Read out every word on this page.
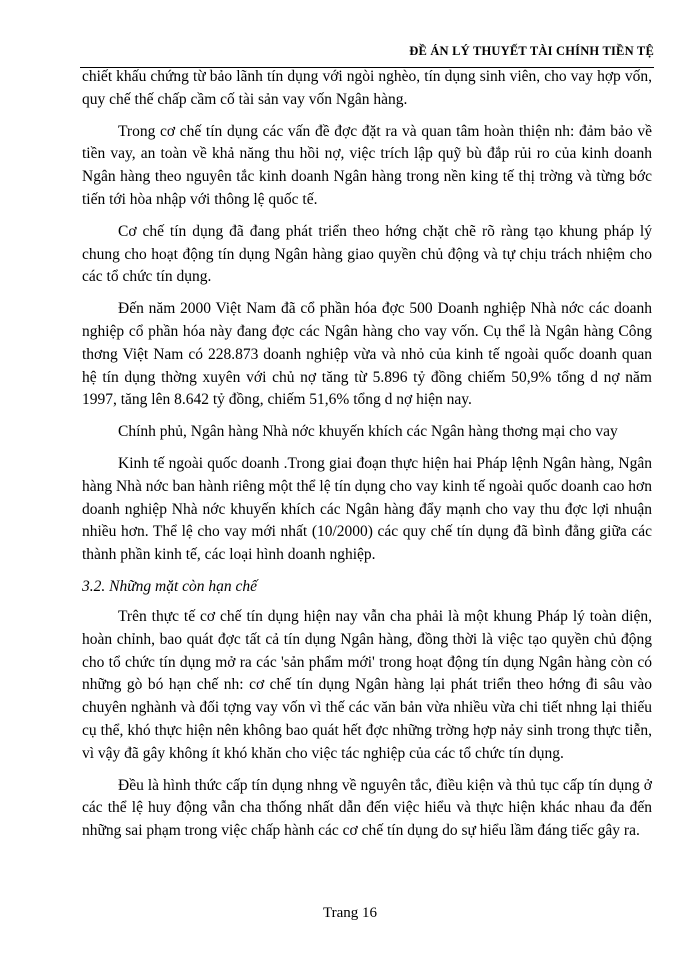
ĐỀ ÁN LÝ THUYẾT TÀI CHÍNH TIỀN TỆ

chiết khấu chứng từ bảo lãnh tín dụng với ngòi nghèo, tín dụng sinh viên, cho vay hợp vốn, quy chế thế chấp cầm cố tài sản vay vốn Ngân hàng.

Trong cơ chế tín dụng các vấn đề đợc đặt ra và quan tâm hoàn thiện nh: đảm bảo về tiền vay, an toàn về khả năng thu hồi nợ, việc trích lập quỹ bù đắp rủi ro của kinh doanh Ngân hàng theo nguyên tắc kinh doanh Ngân hàng trong nền king tế thị trờng và từng bớc tiến tới hòa nhập với thông lệ quốc tế.

Cơ chế tín dụng đã đang phát triển theo hớng chặt chẽ rõ ràng tạo khung pháp lý chung cho hoạt động tín dụng Ngân hàng giao quyền chủ động và tự chịu trách nhiệm cho các tổ chức tín dụng.

Đến năm 2000 Việt Nam đã cổ phần hóa đợc 500 Doanh nghiệp Nhà nớc các doanh nghiệp cổ phần hóa này đang đợc các Ngân hàng cho vay vốn. Cụ thể là Ngân hàng Công thơng Việt Nam có 228.873 doanh nghiệp vừa và nhỏ của kinh tế ngoài quốc doanh quan hệ tín dụng thờng xuyên với chủ nợ tăng từ 5.896 tỷ đồng chiếm 50,9% tổng d nợ năm 1997, tăng lên 8.642 tỷ đồng, chiếm 51,6% tổng d nợ hiện nay.

Chính phủ, Ngân hàng Nhà nớc khuyến khích các Ngân hàng thơng mại cho vay

Kinh tế ngoài quốc doanh .Trong giai đoạn thực hiện hai Pháp lệnh Ngân hàng, Ngân hàng Nhà nớc ban hành riêng một thể lệ tín dụng cho vay kinh tế ngoài quốc doanh cao hơn doanh nghiệp Nhà nớc khuyến khích các Ngân hàng đẩy mạnh cho vay thu đợc lợi nhuận nhiều hơn. Thể lệ cho vay mới nhất (10/2000) các quy chế tín dụng đã bình đẳng giữa các thành phần kinh tế, các loại hình doanh nghiệp.

3.2. Những mặt còn hạn chế

Trên thực tế cơ chế tín dụng hiện nay vẫn cha phải là một khung Pháp lý toàn diện, hoàn chỉnh, bao quát đợc tất cả tín dụng Ngân hàng, đồng thời là việc tạo quyền chủ động cho tổ chức tín dụng mở ra các 'sản phẩm mới' trong hoạt động tín dụng Ngân hàng còn có những gò bó hạn chế nh: cơ chế tín dụng Ngân hàng lại phát triển theo hớng đi sâu vào chuyên nghành và đối tợng vay vốn vì thế các văn bản vừa nhiều vừa chi tiết nhng lại thiếu cụ thể, khó thực hiện nên không bao quát hết đợc những trờng hợp nảy sinh trong thực tiễn, vì vậy đã gây không ít khó khăn cho việc tác nghiệp của các tổ chức tín dụng.

Đều là hình thức cấp tín dụng nhng về nguyên tắc, điều kiện và thủ tục cấp tín dụng ở các thể lệ huy động vẫn cha thống nhất dẫn đến việc hiểu và thực hiện khác nhau đa đến những sai phạm trong việc chấp hành các cơ chế tín dụng do sự hiểu lầm đáng tiếc gây ra.

Trang 16
